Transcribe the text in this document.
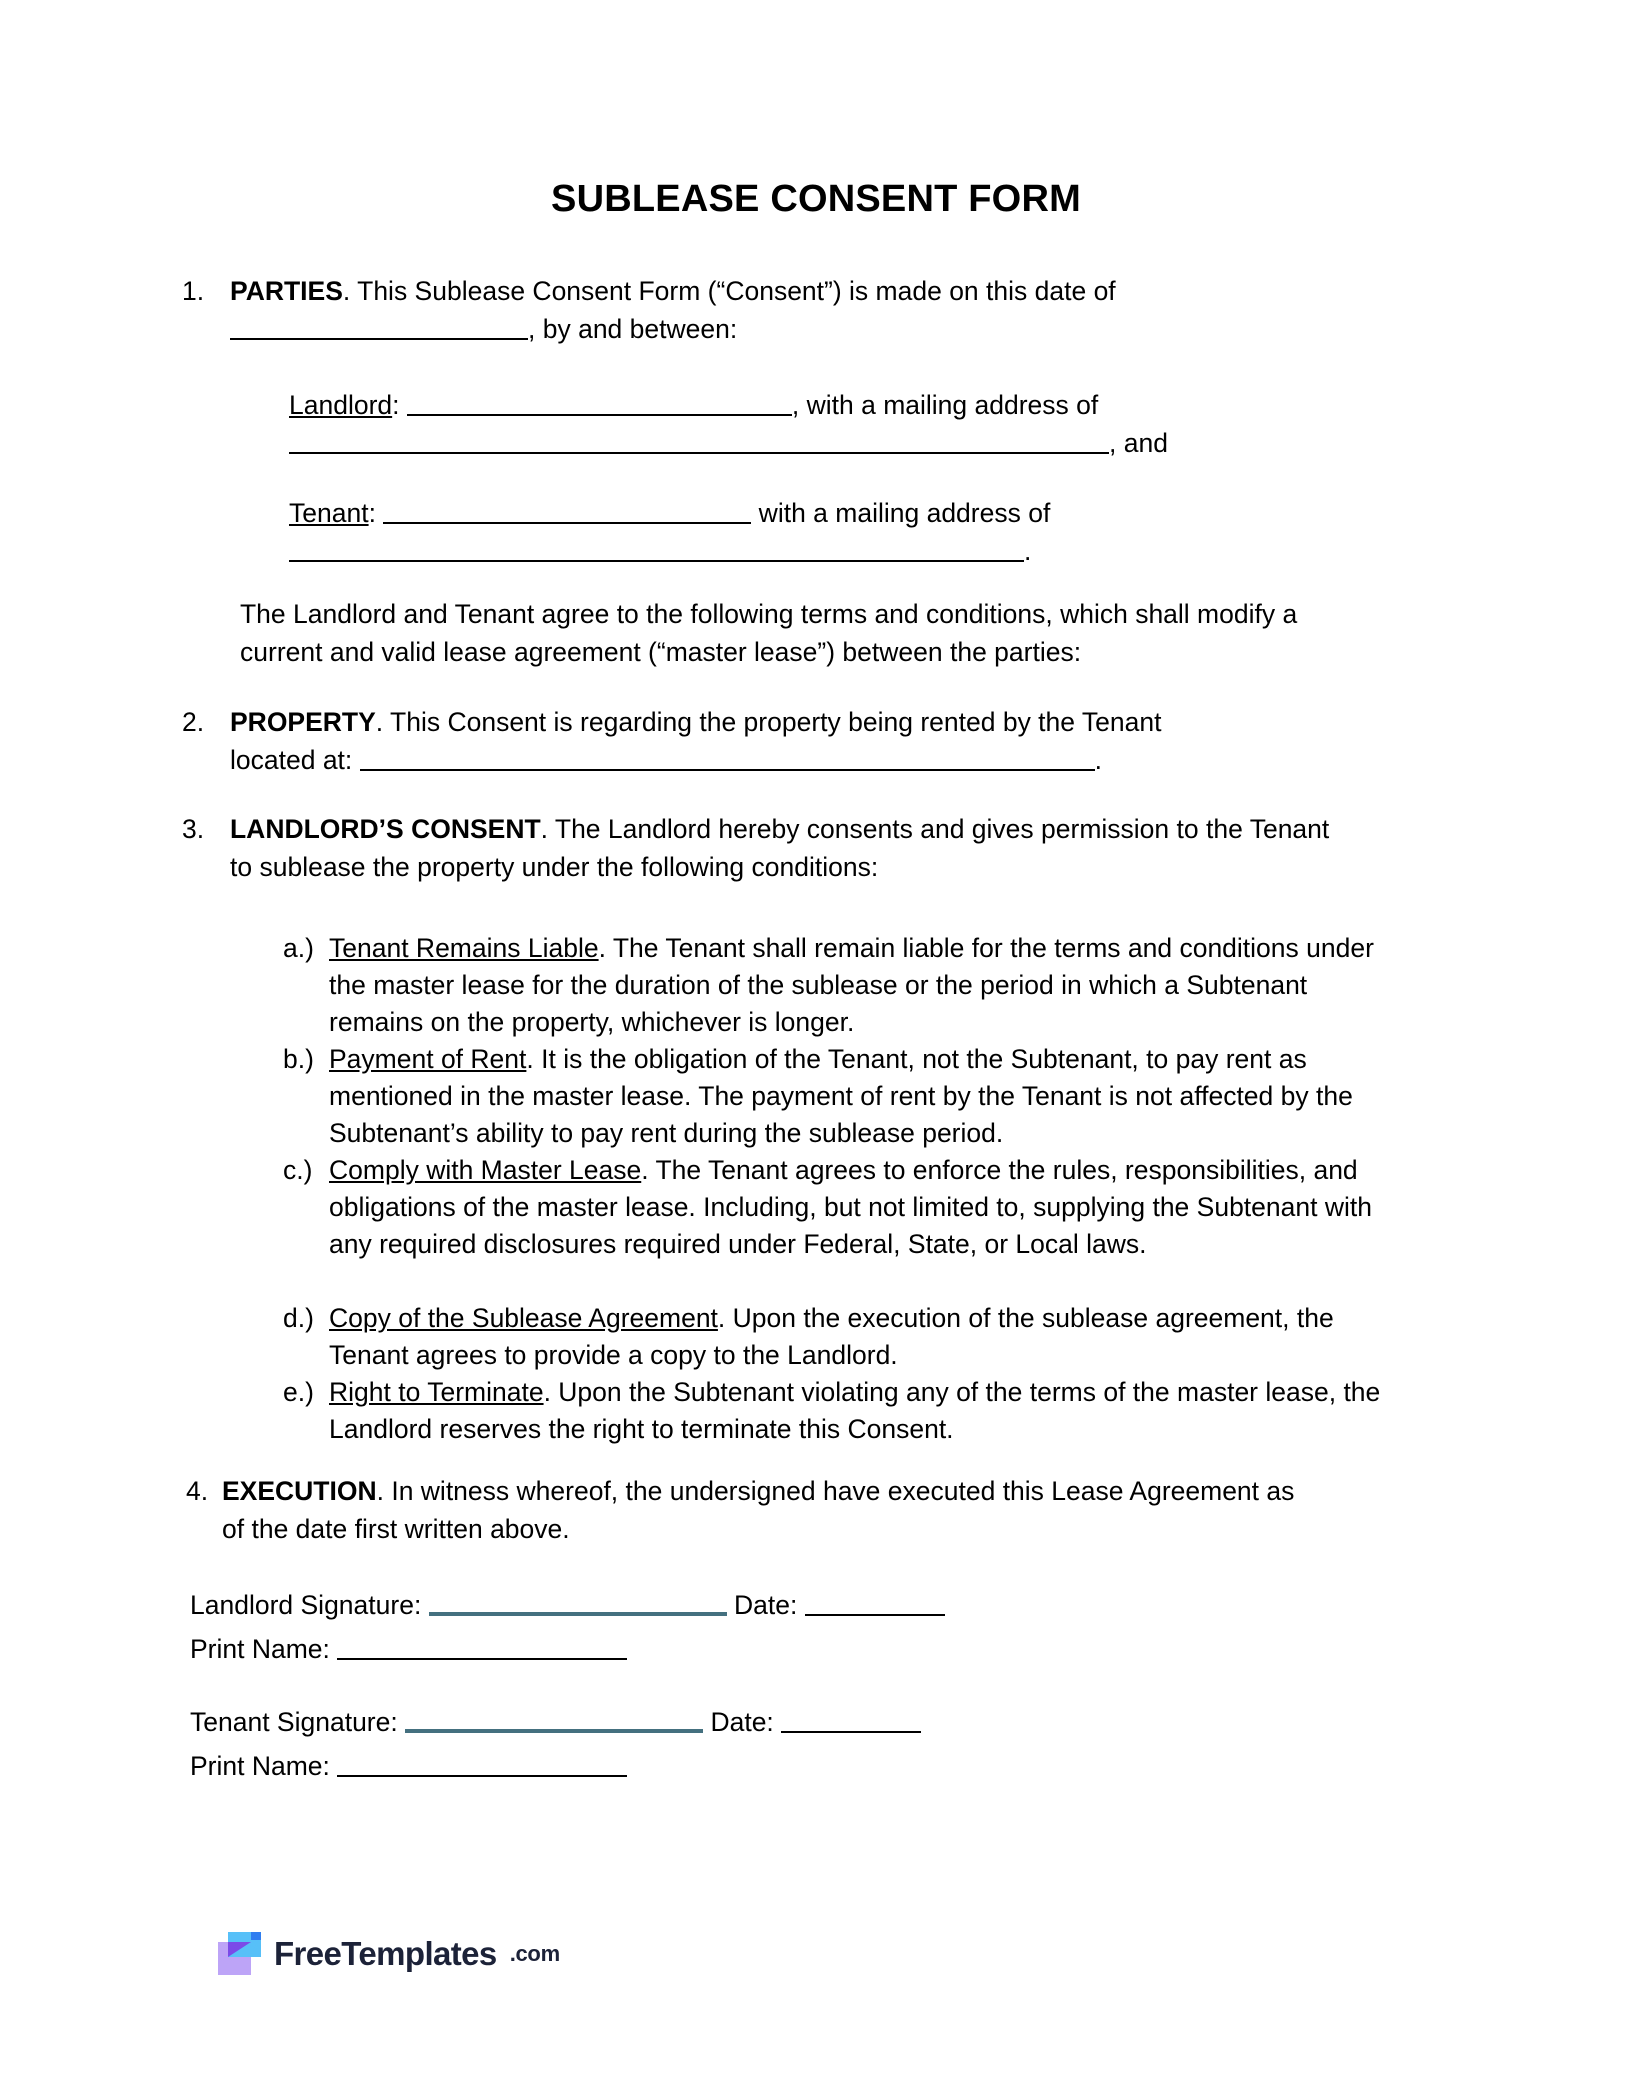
SUBLEASE CONSENT FORM
1. PARTIES. This Sublease Consent Form (“Consent”) is made on this date of
, by and between:
Landlord:	, with a mailing address of
, and
Tenant:	with a mailing address of
.
The Landlord and Tenant agree to the following terms and conditions, which shall modify a current and valid lease agreement (“master lease”) between the parties:
2. PROPERTY. This Consent is regarding the property being rented by the Tenant
located at:	.
3. LANDLORD’S CONSENT. The Landlord hereby consents and gives permission to the Tenant to sublease the property under the following conditions:
a.) Tenant Remains Liable. The Tenant shall remain liable for the terms and conditions under the master lease for the duration of the sublease or the period in which a Subtenant remains on the property, whichever is longer.
b.) Payment of Rent. It is the obligation of the Tenant, not the Subtenant, to pay rent as mentioned in the master lease. The payment of rent by the Tenant is not affected by the Subtenant’s ability to pay rent during the sublease period.
c.) Comply with Master Lease. The Tenant agrees to enforce the rules, responsibilities, and obligations of the master lease. Including, but not limited to, supplying the Subtenant with any required disclosures required under Federal, State, or Local laws.
d.) Copy of the Sublease Agreement. Upon the execution of the sublease agreement, the Tenant agrees to provide a copy to the Landlord.
e.) Right to Terminate. Upon the Subtenant violating any of the terms of the master lease, the Landlord reserves the right to terminate this Consent.
4. EXECUTION. In witness whereof, the undersigned have executed this Lease Agreement as of the date first written above.
Landlord Signature:	Date:
Print Name:
Tenant Signature:	Date:
Print Name:
FreeTemplates .com
